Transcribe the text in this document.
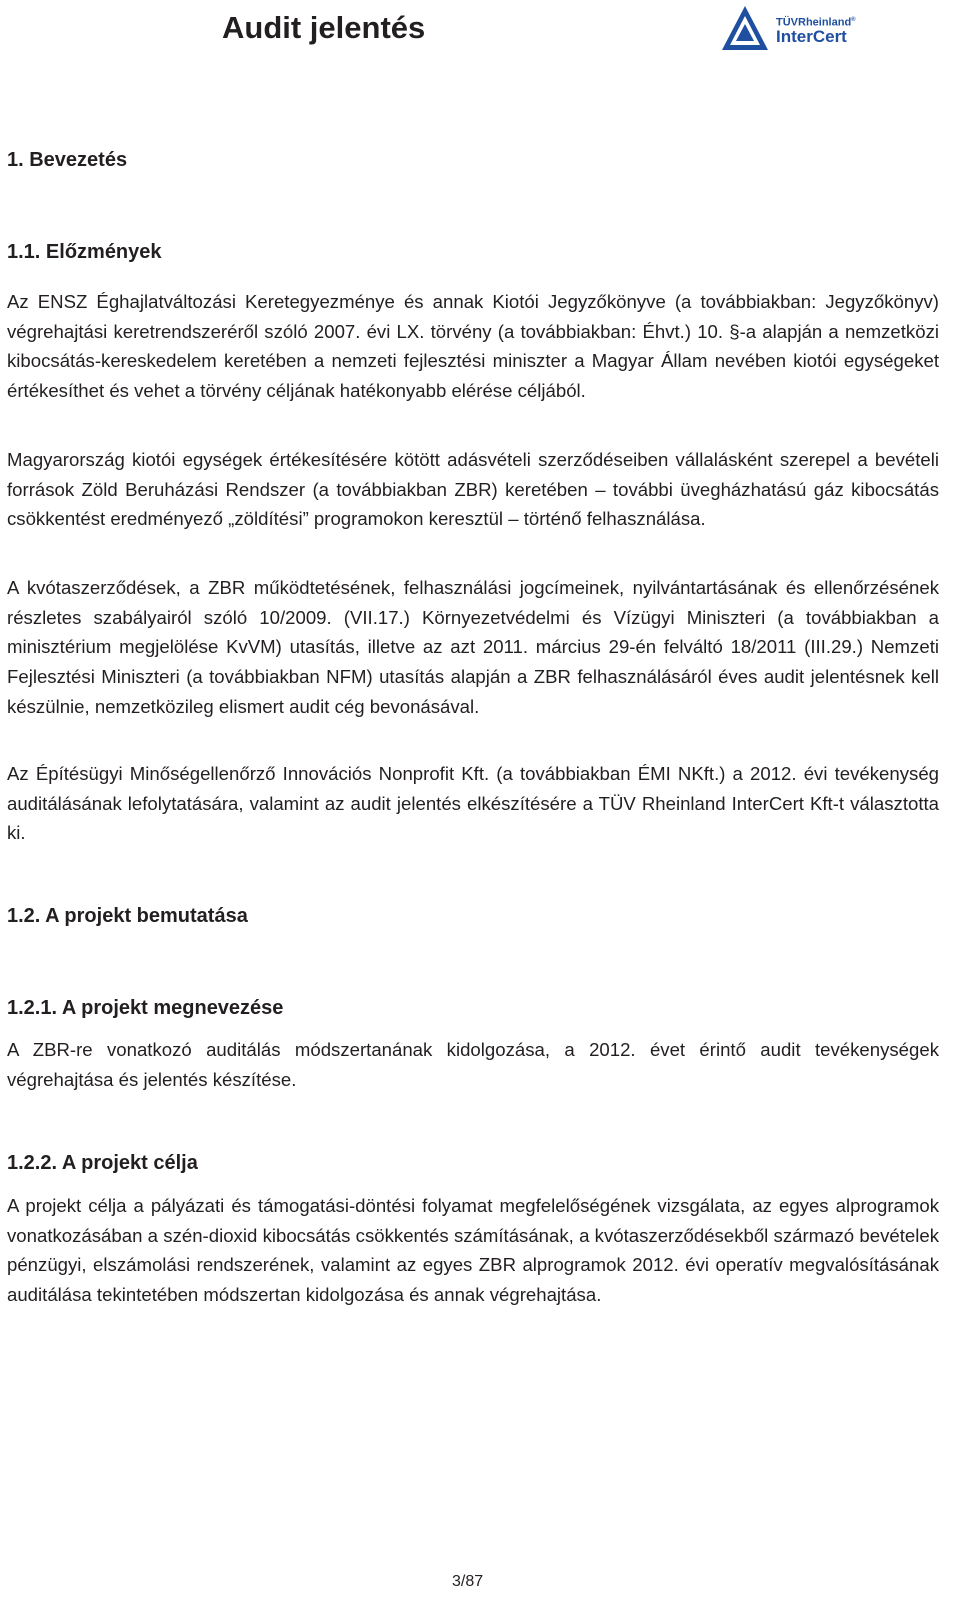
Audit jelentés	TÜVRheinland®
InterCert
1. Bevezetés
1.1. Előzmények

Az ENSZ Éghajlatváltozási Keretegyezménye és annak Kiotói Jegyzőkönyve (a továbbiakban: Jegyzőkönyv) végrehajtási keretrendszeréről szóló 2007. évi LX. törvény (a továbbiakban: Éhvt.) 10. §-a alapján a nemzetközi kibocsátás-kereskedelem keretében a nemzeti fejlesztési miniszter a Magyar Állam nevében kiotói egységeket értékesíthet és vehet a törvény céljának hatékonyabb elérése céljából.

Magyarország kiotói egységek értékesítésére kötött adásvételi szerződéseiben vállalásként szerepel a bevételi források Zöld Beruházási Rendszer (a továbbiakban ZBR) keretében – további üvegházhatású gáz kibocsátás csökkentést eredményező „zöldítési” programokon keresztül – történő felhasználása.

A kvótaszerződések, a ZBR működtetésének, felhasználási jogcímeinek, nyilvántartásának és ellenőrzésének részletes szabályairól szóló 10/2009. (VII.17.) Környezetvédelmi és Vízügyi Miniszteri (a továbbiakban a minisztérium megjelölése KvVM) utasítás, illetve az azt 2011. március 29-én felváltó 18/2011 (III.29.) Nemzeti Fejlesztési Miniszteri (a továbbiakban NFM) utasítás alapján a ZBR felhasználásáról éves audit jelentésnek kell készülnie, nemzetközileg elismert audit cég bevonásával.

Az Építésügyi Minőségellenőrző Innovációs Nonprofit Kft. (a továbbiakban ÉMI NKft.) a 2012. évi tevékenység auditálásának lefolytatására, valamint az audit jelentés elkészítésére a TÜV Rheinland InterCert Kft-t választotta ki.

1.2. A projekt bemutatása
1.2.1. A projekt megnevezése

A ZBR-re vonatkozó auditálás módszertanának kidolgozása, a 2012. évet érintő audit tevékenységek végrehajtása és jelentés készítése.

1.2.2. A projekt célja

A projekt célja a pályázati és támogatási-döntési folyamat megfelelőségének vizsgálata, az egyes alprogramok vonatkozásában a szén-dioxid kibocsátás csökkentés számításának, a kvótaszerződésekből származó bevételek pénzügyi, elszámolási rendszerének, valamint az egyes ZBR alprogramok 2012. évi operatív megvalósításának auditálása tekintetében módszertan kidolgozása és annak végrehajtása.

3/87
